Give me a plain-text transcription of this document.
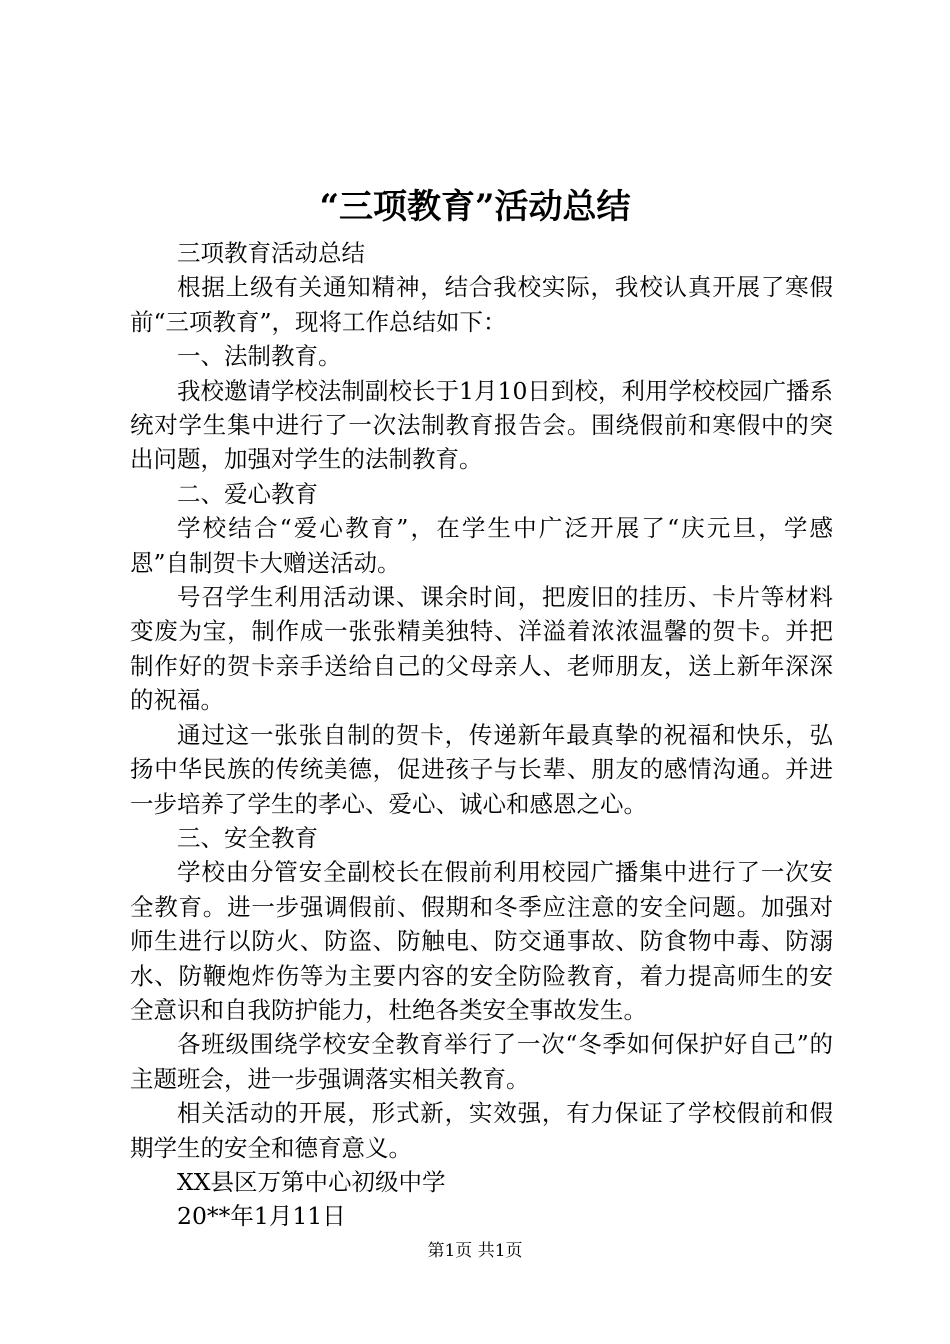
“三项教育”活动总结

三项教育活动总结

根据上级有关通知精神，结合我校实际，我校认真开展了寒假前“三项教育”，现将工作总结如下：

一、法制教育。

我校邀请学校法制副校长于1月10日到校，利用学校校园广播系统对学生集中进行了一次法制教育报告会。围绕假前和寒假中的突出问题，加强对学生的法制教育。

二、爱心教育

学校结合“爱心教育”，在学生中广泛开展了“庆元旦，学感恩”自制贺卡大赠送活动。

号召学生利用活动课、课余时间，把废旧的挂历、卡片等材料变废为宝，制作成一张张精美独特、洋溢着浓浓温馨的贺卡。并把制作好的贺卡亲手送给自己的父母亲人、老师朋友，送上新年深深的祝福。

通过这一张张自制的贺卡，传递新年最真挚的祝福和快乐，弘扬中华民族的传统美德，促进孩子与长辈、朋友的感情沟通。并进一步培养了学生的孝心、爱心、诚心和感恩之心。

三、安全教育

学校由分管安全副校长在假前利用校园广播集中进行了一次安全教育。进一步强调假前、假期和冬季应注意的安全问题。加强对师生进行以防火、防盗、防触电、防交通事故、防食物中毒、防溺水、防鞭炮炸伤等为主要内容的安全防险教育，着力提高师生的安全意识和自我防护能力，杜绝各类安全事故发生。

各班级围绕学校安全教育举行了一次“冬季如何保护好自己”的主题班会，进一步强调落实相关教育。

相关活动的开展，形式新，实效强，有力保证了学校假前和假期学生的安全和德育意义。

XX县区万第中心初级中学

20**年1月11日

第1页 共1页
